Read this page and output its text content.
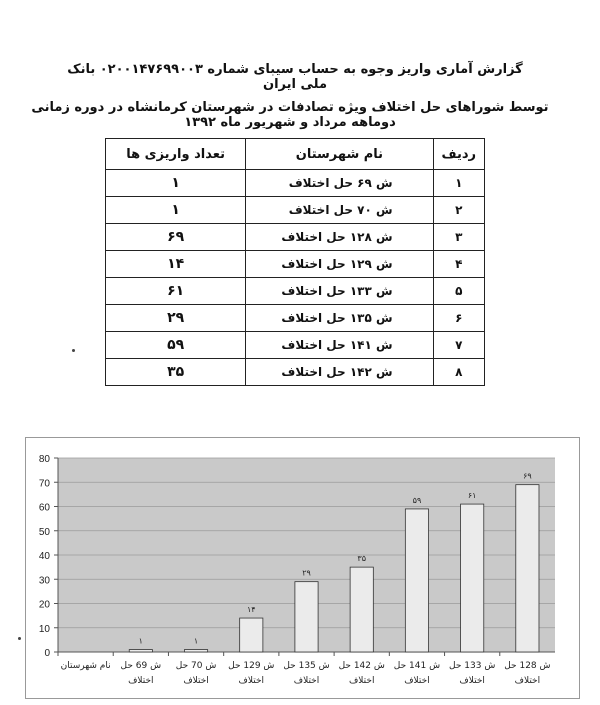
گزارش آماری واریز وجوه به حساب سیبای شماره ۰۲۰۰۱۴۷۶۹۹۰۰۳ بانک ملی ایران
توسط شوراهای حل اختلاف ویژه تصادفات در شهرستان کرمانشاه در دوره زمانی دوماهه مرداد و شهریور ماه ۱۳۹۲
ردیف	نام شهرستان	تعداد واریزی ها
۱	ش ۶۹ حل اختلاف	۱
۲	ش ۷۰ حل اختلاف	۱
۳	ش ۱۲۸ حل اختلاف	۶۹
۴	ش ۱۲۹ حل اختلاف	۱۴
۵	ش ۱۳۳ حل اختلاف	۶۱
۶	ش ۱۳۵ حل اختلاف	۲۹
۷	ش ۱۴۱ حل اختلاف	۵۹
۸	ش ۱۴۲ حل اختلاف	۳۵
0
10
20
30
40
50
60
70
80
نام شهرستان
۱
ش 69 حل
اختلاف
۱
ش 70 حل
اختلاف
۱۴
ش 129 حل
اختلاف
۲۹
ش 135 حل
اختلاف
۳۵
ش 142 حل
اختلاف
۵۹
ش 141 حل
اختلاف
۶۱
ش 133 حل
اختلاف
۶۹
ش 128 حل
اختلاف
